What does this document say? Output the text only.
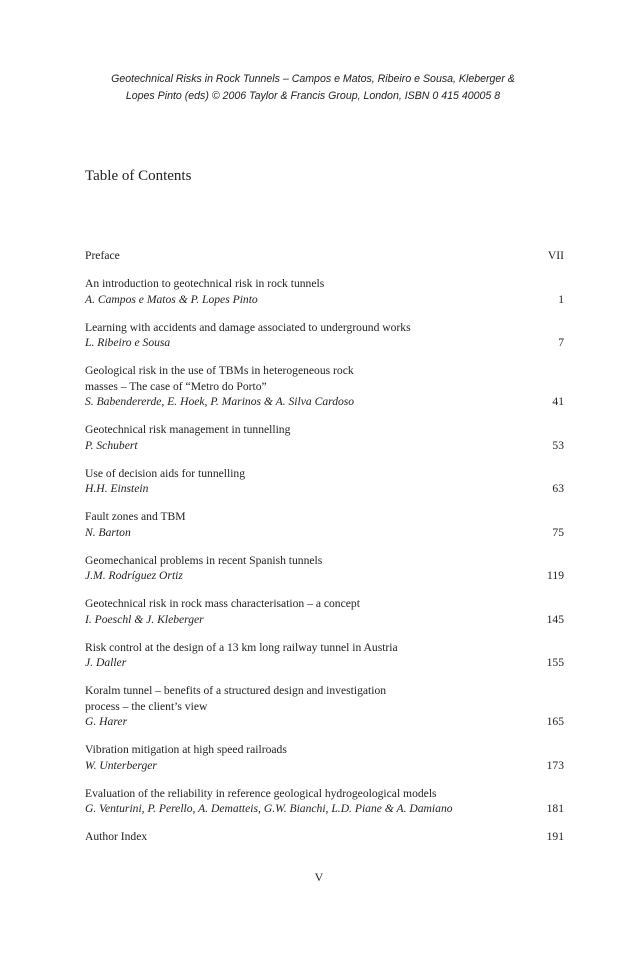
Geotechnical Risks in Rock Tunnels – Campos e Matos, Ribeiro e Sousa, Kleberger &
Lopes Pinto (eds) © 2006 Taylor & Francis Group, London, ISBN 0 415 40005 8
Table of Contents
Preface	VII
An introduction to geotechnical risk in rock tunnels
A. Campos e Matos & P. Lopes Pinto	1
Learning with accidents and damage associated to underground works
L. Ribeiro e Sousa	7
Geological risk in the use of TBMs in heterogeneous rock
masses – The case of “Metro do Porto”
S. Babendererde, E. Hoek, P. Marinos & A. Silva Cardoso	41
Geotechnical risk management in tunnelling
P. Schubert	53
Use of decision aids for tunnelling
H.H. Einstein	63
Fault zones and TBM
N. Barton	75
Geomechanical problems in recent Spanish tunnels
J.M. Rodríguez Ortiz	119
Geotechnical risk in rock mass characterisation – a concept
I. Poeschl & J. Kleberger	145
Risk control at the design of a 13 km long railway tunnel in Austria
J. Daller	155
Koralm tunnel – benefits of a structured design and investigation
process – the client’s view
G. Harer	165
Vibration mitigation at high speed railroads
W. Unterberger	173
Evaluation of the reliability in reference geological hydrogeological models
G. Venturini, P. Perello, A. Dematteis, G.W. Bianchi, L.D. Piane & A. Damiano	181
Author Index	191
V
